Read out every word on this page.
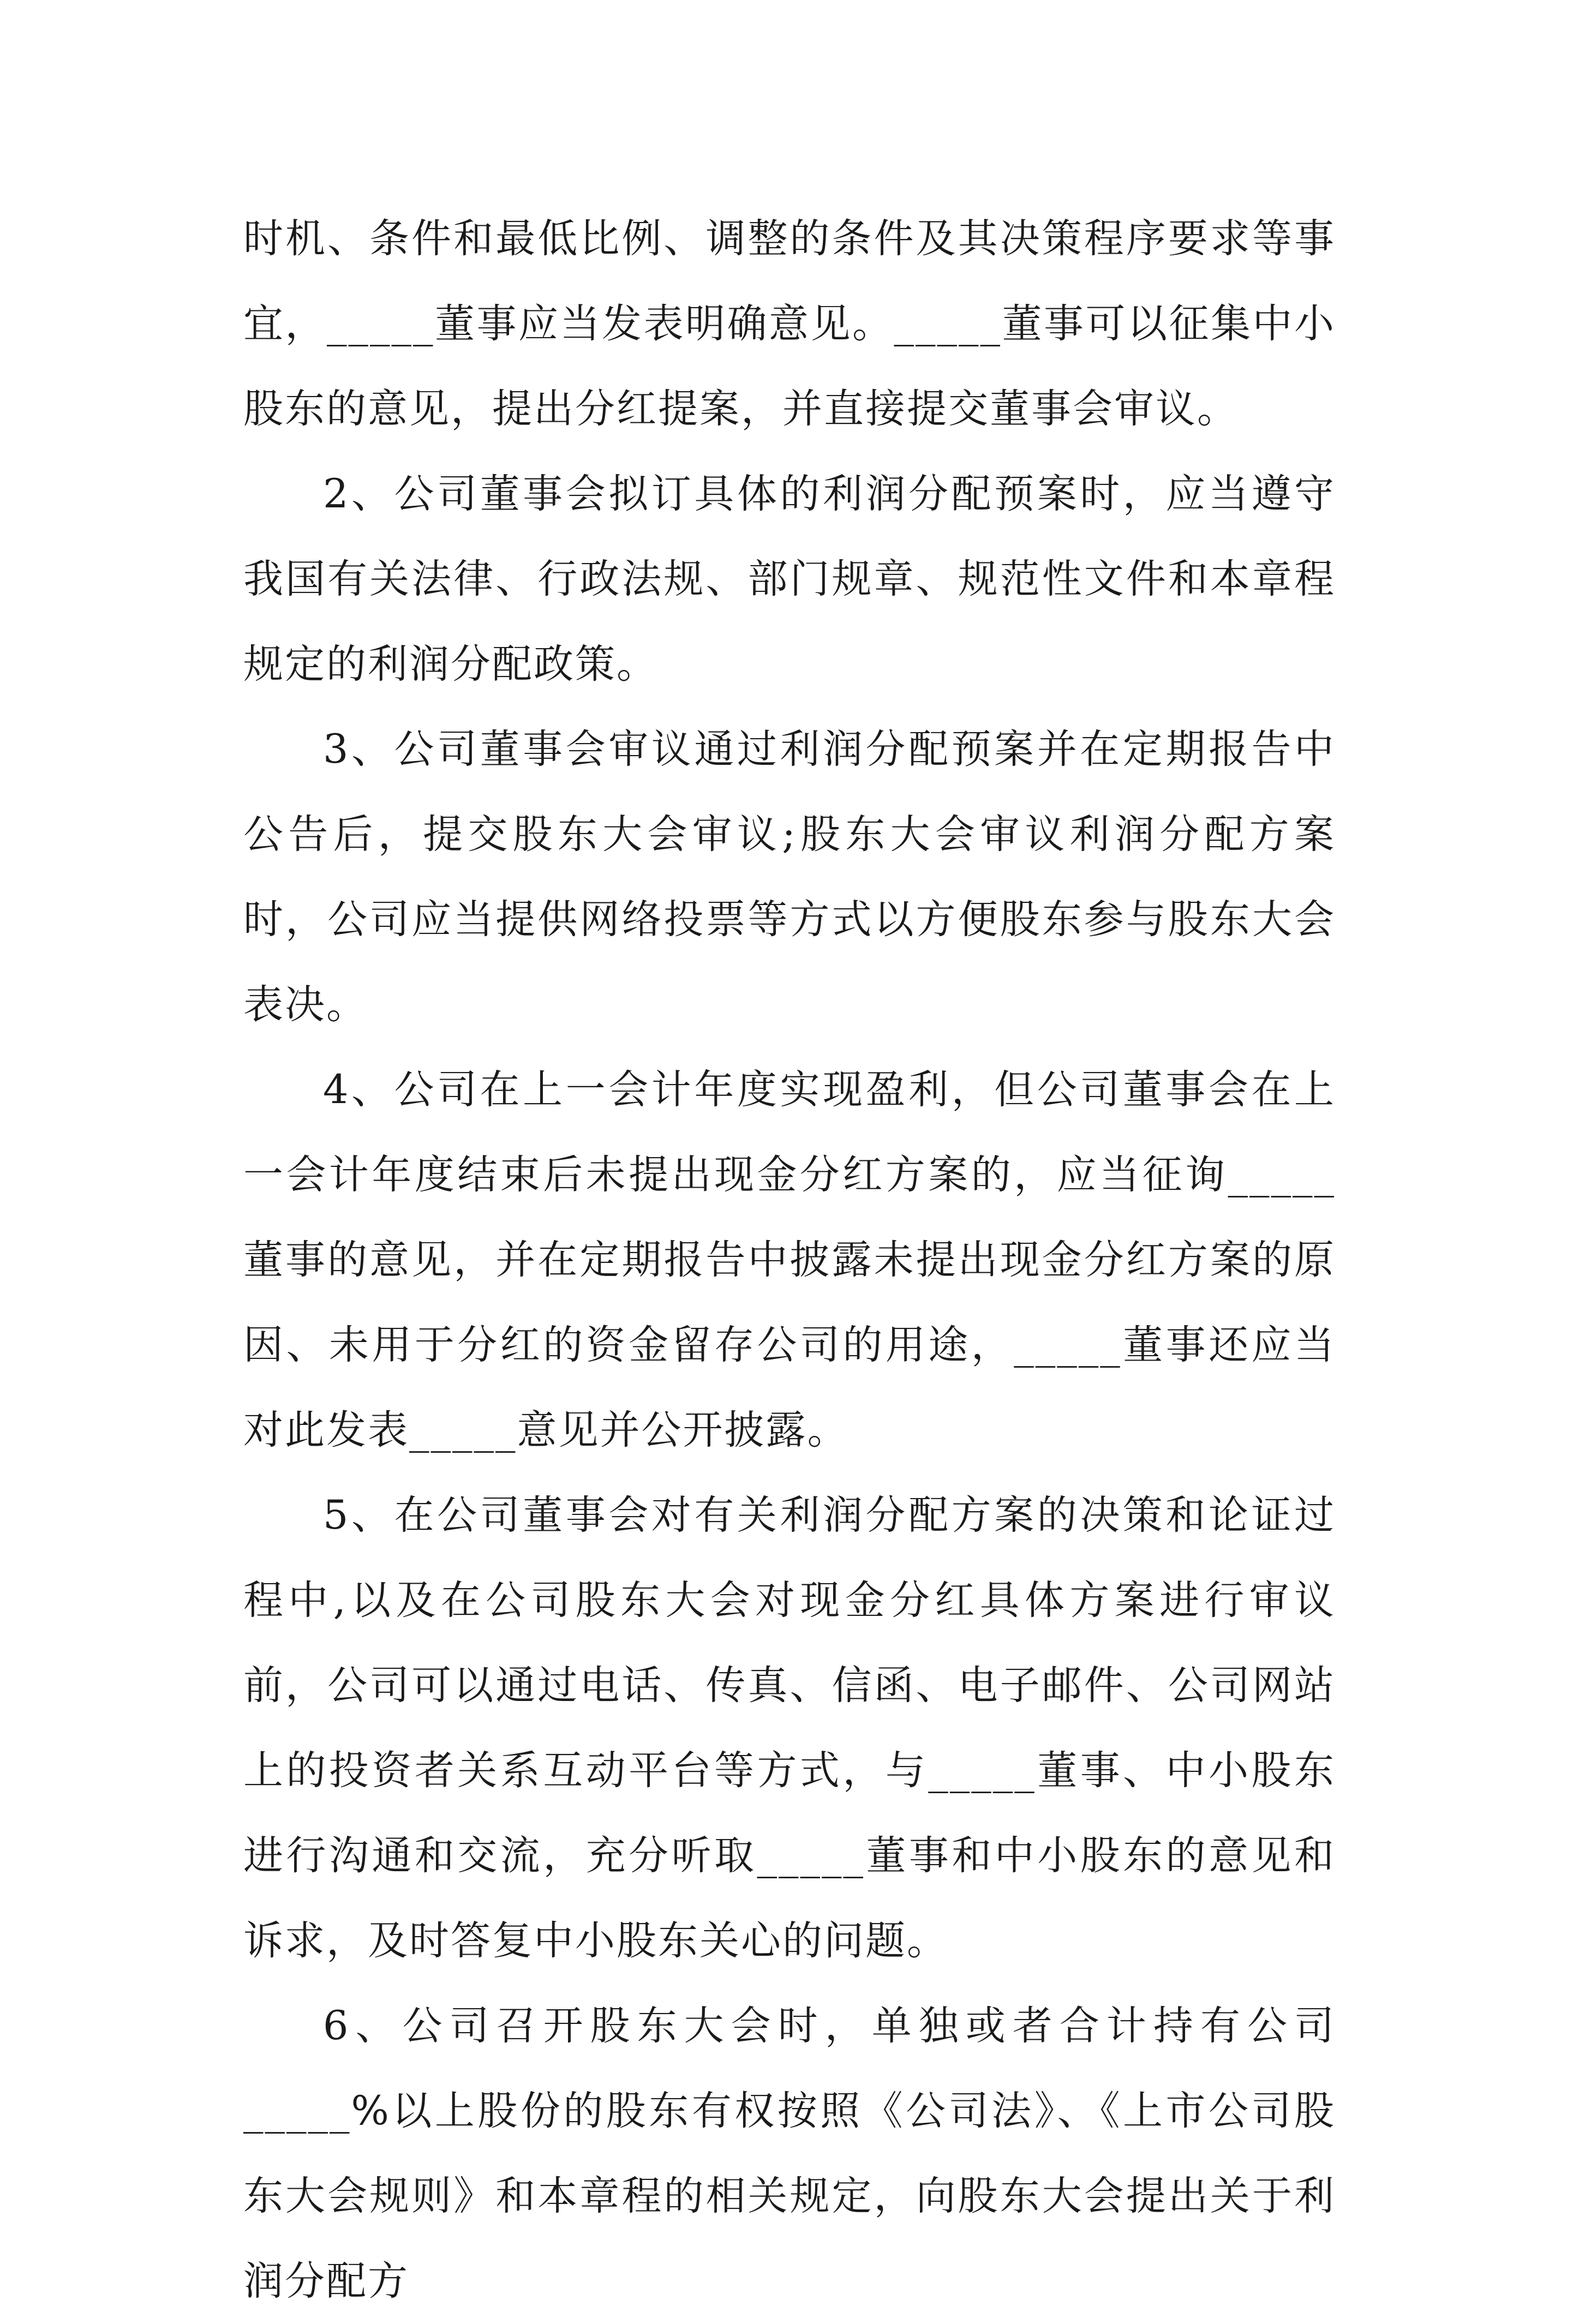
时机、条件和最低比例、调整的条件及其决策程序要求等事宜，_____董事应当发表明确意见。_____董事可以征集中小股东的意见，提出分红提案，并直接提交董事会审议。

2、公司董事会拟订具体的利润分配预案时，应当遵守我国有关法律、行政法规、部门规章、规范性文件和本章程规定的利润分配政策。

3、公司董事会审议通过利润分配预案并在定期报告中公告后，提交股东大会审议;股东大会审议利润分配方案时，公司应当提供网络投票等方式以方便股东参与股东大会表决。

4、公司在上一会计年度实现盈利，但公司董事会在上一会计年度结束后未提出现金分红方案的，应当征询_____董事的意见，并在定期报告中披露未提出现金分红方案的原因、未用于分红的资金留存公司的用途，_____董事还应当对此发表_____意见并公开披露。

5、在公司董事会对有关利润分配方案的决策和论证过程中,以及在公司股东大会对现金分红具体方案进行审议前，公司可以通过电话、传真、信函、电子邮件、公司网站上的投资者关系互动平台等方式，与_____董事、中小股东进行沟通和交流，充分听取_____董事和中小股东的意见和诉求，及时答复中小股东关心的问题。

6、公司召开股东大会时，单独或者合计持有公司_____%以上股份的股东有权按照《公司法》、《上市公司股东大会规则》和本章程的相关规定，向股东大会提出关于利润分配方
